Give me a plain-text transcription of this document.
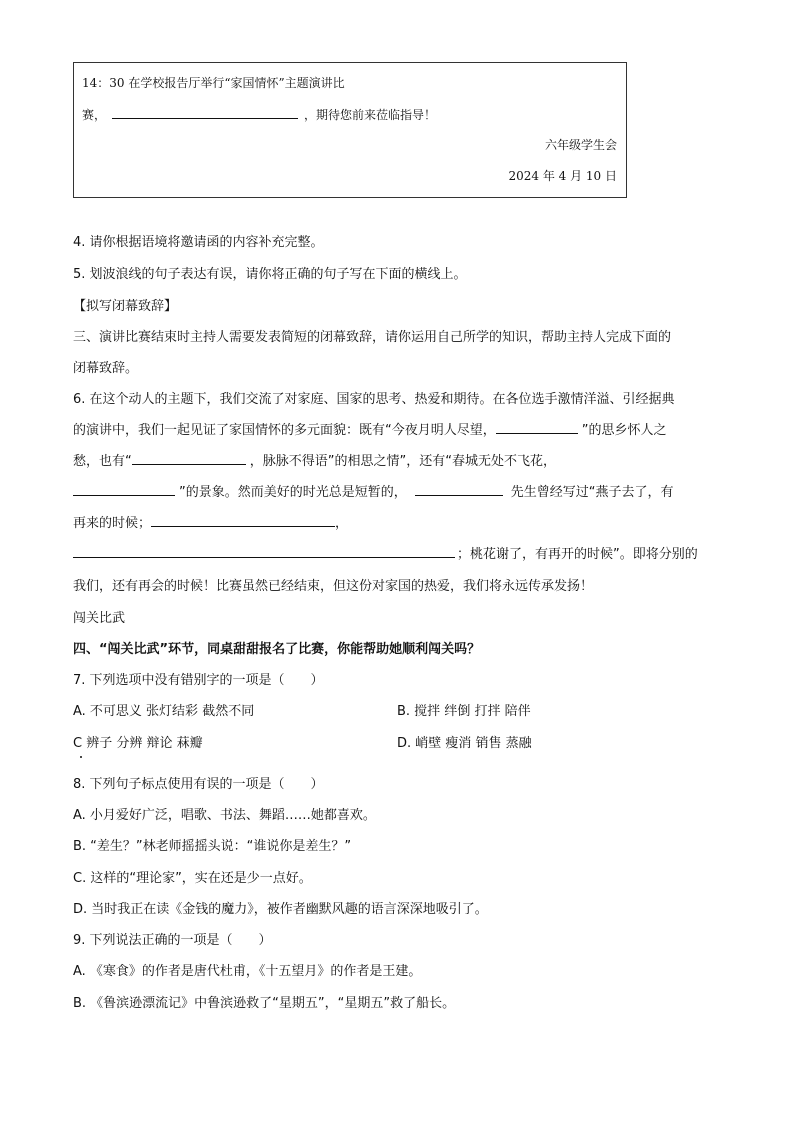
14：30 在学校报告厅举行“家国情怀”主题演讲比
赛，	，期待您前来莅临指导！
六年级学生会
2024 年 4 月 10 日
4. 请你根据语境将邀请函的内容补充完整。
5. 划波浪线的句子表达有误，请你将正确的句子写在下面的横线上。
【拟写闭幕致辞】
三、演讲比赛结束时主持人需要发表简短的闭幕致辞，请你运用自己所学的知识，帮助主持人完成下面的
闭幕致辞。
6. 在这个动人的主题下，我们交流了对家庭、国家的思考、热爱和期待。在各位选手激情洋溢、引经据典
的演讲中，我们一起见证了家国情怀的多元面貌：既有“今夜月明人尽望，	”的思乡怀人之
愁，也有“	，脉脉不得语”的相思之情”，还有“春城无处不飞花，
”的景象。然而美好的时光总是短暂的，	先生曾经写过“燕子去了，有
再来的时候；	，
；桃花谢了，有再开的时候”。即将分别的
我们，还有再会的时候！比赛虽然已经结束，但这份对家国的热爱，我们将永远传承发扬！
闯关比武
四、“闯关比武”环节，同桌甜甜报名了比赛，你能帮助她顺利闯关吗？
7. 下列选项中没有错别字的一项是（　　）
A. 不可思义 张灯结彩 截然不同	B. 搅拌 绊倒 打拌 陪伴
C 辨子 分辨 辩论 菻瓣	D. 峭壁 瘦消 销售 蒸融
8. 下列句子标点使用有误的一项是（　　）
A. 小月爱好广泛，唱歌、书法、舞蹈……她都喜欢。
B. “差生？”林老师摇摇头说：“谁说你是差生？”
C. 这样的“理论家”，实在还是少一点好。
D. 当时我正在读《金钱的魔力》，被作者幽默风趣的语言深深地吸引了。
9. 下列说法正确的一项是（　　）
A. 《寒食》的作者是唐代杜甫，《十五望月》的作者是王建。
B. 《鲁滨逊漂流记》中鲁滨逊救了“星期五”，“星期五”救了船长。
